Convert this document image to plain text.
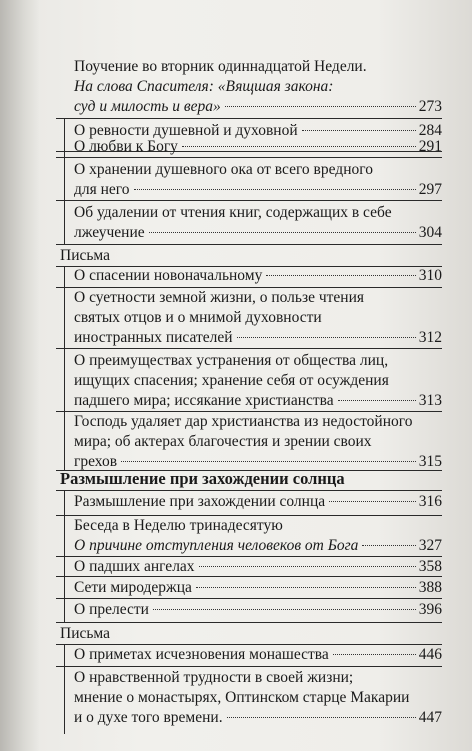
Поучение во вторник одиннадцатой Недели.
На слова Спасителя: «Вящшая закона:
суд и милость и вера»	273
О ревности душевной и духовной	284
О любви к Богу	291
О хранении душевного ока от всего вредного
для него	297
Об удалении от чтения книг, содержащих в себе
лжеучение	304
Письма
О спасении новоначальному	310
О суетности земной жизни, о пользе чтения
святых отцов и о мнимой духовности
иностранных писателей	312
О преимуществах устранения от общества лиц,
ищущих спасения; хранение себя от осуждения
падшего мира; иссякание христианства	313
Господь удаляет дар христианства из недостойного
мира; об актерах благочестия и зрении своих
грехов	315
Размышление при захождении солнца
Размышление при захождении солнца	316
Беседа в Неделю тринадесятую
О причине отступления человеков от Бога	327
О падших ангелах	358
Сети миродержца	388
О прелести	396
Письма
О приметах исчезновения монашества	446
О нравственной трудности в своей жизни;
мнение о монастырях, Оптинском старце Макарии
и о духе того времени.	447
